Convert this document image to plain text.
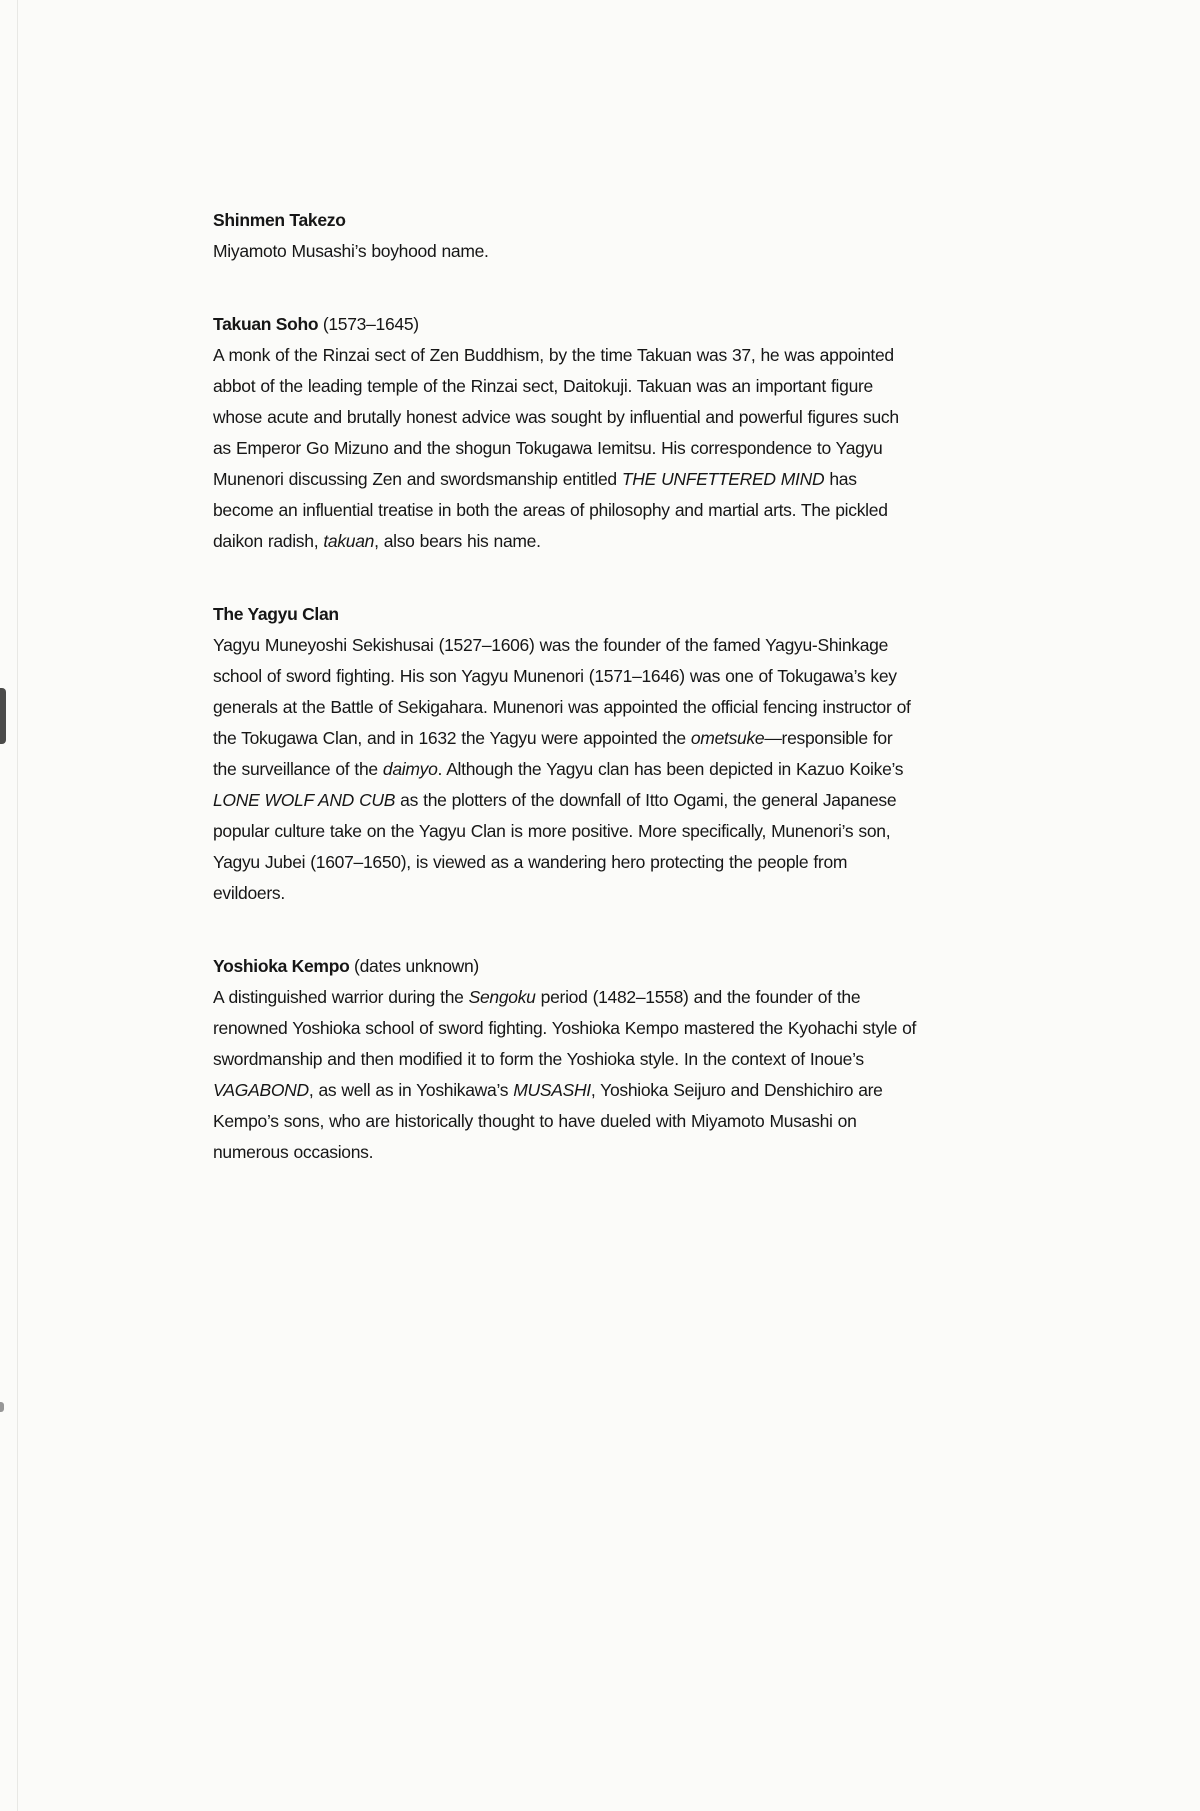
Shinmen Takezo

Miyamoto Musashi’s boyhood name.

Takuan Soho (1573–1645)

A monk of the Rinzai sect of Zen Buddhism, by the time Takuan was 37, he was appointed abbot of the leading temple of the Rinzai sect, Daitokuji. Takuan was an important figure whose acute and brutally honest advice was sought by influential and powerful figures such as Emperor Go Mizuno and the shogun Tokugawa Iemitsu. His correspondence to Yagyu Munenori discussing Zen and swordsmanship entitled THE UNFETTERED MIND has become an influential treatise in both the areas of philosophy and martial arts. The pickled daikon radish, takuan, also bears his name.

The Yagyu Clan

Yagyu Muneyoshi Sekishusai (1527–1606) was the founder of the famed Yagyu-Shinkage school of sword fighting. His son Yagyu Munenori (1571–1646) was one of Tokugawa’s key generals at the Battle of Sekigahara. Munenori was appointed the official fencing instructor of the Tokugawa Clan, and in 1632 the Yagyu were appointed the ometsuke—responsible for the surveillance of the daimyo. Although the Yagyu clan has been depicted in Kazuo Koike’s LONE WOLF AND CUB as the plotters of the downfall of Itto Ogami, the general Japanese popular culture take on the Yagyu Clan is more positive. More specifically, Munenori’s son, Yagyu Jubei (1607–1650), is viewed as a wandering hero protecting the people from evildoers.

Yoshioka Kempo (dates unknown)

A distinguished warrior during the Sengoku period (1482–1558) and the founder of the renowned Yoshioka school of sword fighting. Yoshioka Kempo mastered the Kyohachi style of swordmanship and then modified it to form the Yoshioka style. In the context of Inoue’s VAGABOND, as well as in Yoshikawa’s MUSASHI, Yoshioka Seijuro and Denshichiro are Kempo’s sons, who are historically thought to have dueled with Miyamoto Musashi on numerous occasions.
